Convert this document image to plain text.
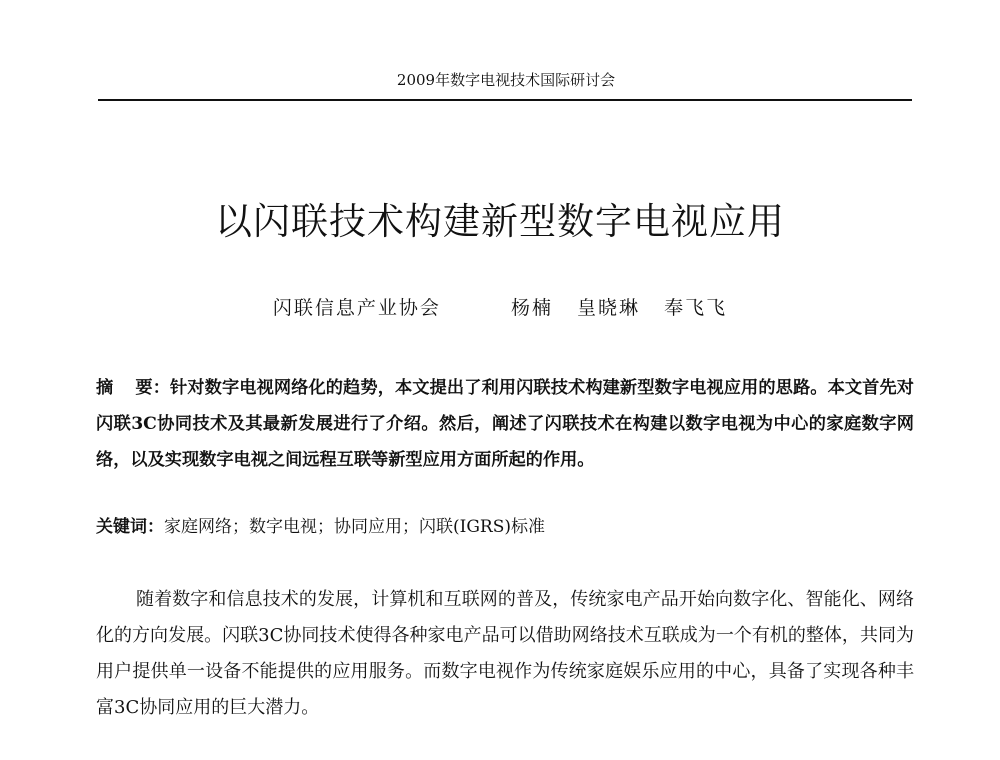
2009年数字电视技术国际研讨会
以闪联技术构建新型数字电视应用
闪联信息产业协会	杨楠 皇晓琳 奉飞飞
摘 要：针对数字电视网络化的趋势，本文提出了利用闪联技术构建新型数字电视应用的思路。本文首先对闪联3C协同技术及其最新发展进行了介绍。然后，阐述了闪联技术在构建以数字电视为中心的家庭数字网络，以及实现数字电视之间远程互联等新型应用方面所起的作用。
关键词：家庭网络；数字电视；协同应用；闪联(IGRS)标准
随着数字和信息技术的发展，计算机和互联网的普及，传统家电产品开始向数字化、智能化、网络化的方向发展。闪联3C协同技术使得各种家电产品可以借助网络技术互联成为一个有机的整体，共同为用户提供单一设备不能提供的应用服务。而数字电视作为传统家庭娱乐应用的中心，具备了实现各种丰富3C协同应用的巨大潜力。
